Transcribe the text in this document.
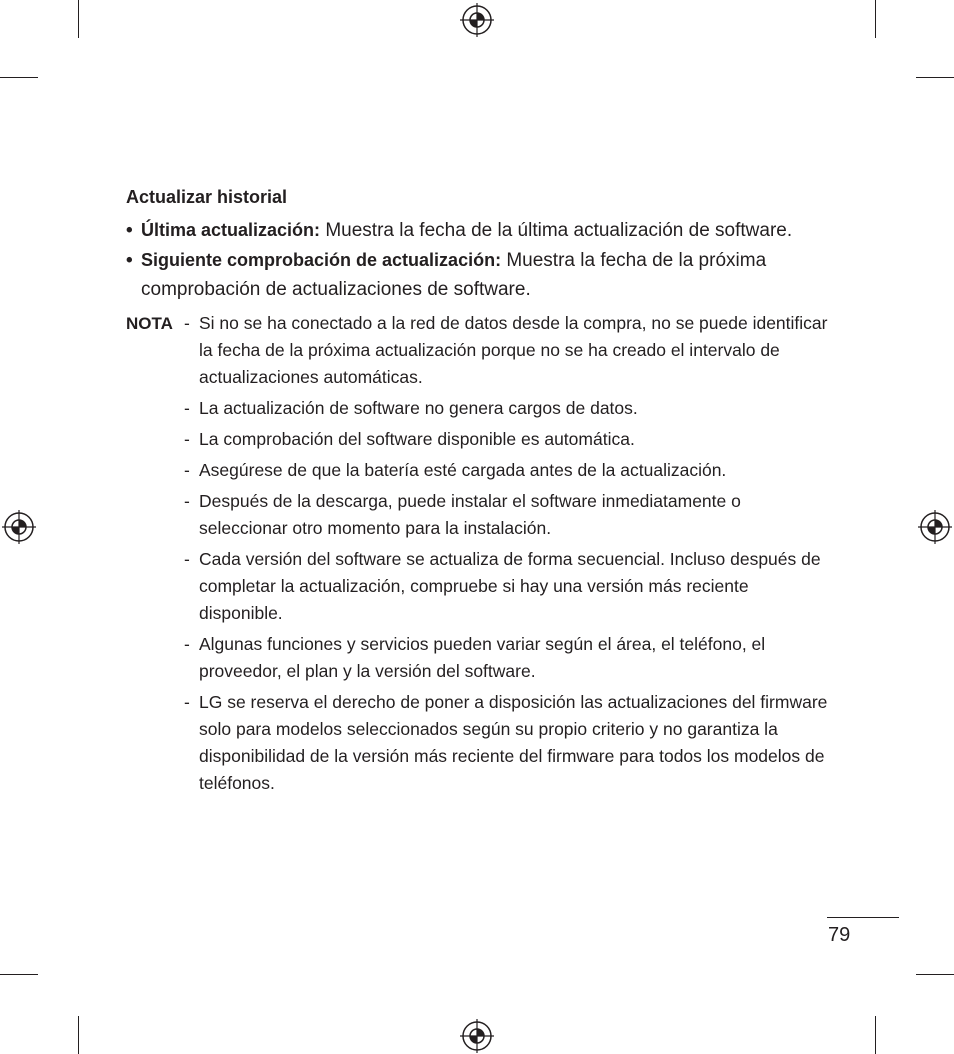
Actualizar historial
• Última actualización: Muestra la fecha de la última actualización de software.
• Siguiente comprobación de actualización: Muestra la fecha de la próxima comprobación de actualizaciones de software.
NOTA - Si no se ha conectado a la red de datos desde la compra, no se puede identificar la fecha de la próxima actualización porque no se ha creado el intervalo de actualizaciones automáticas.
- La actualización de software no genera cargos de datos.
- La comprobación del software disponible es automática.
- Asegúrese de que la batería esté cargada antes de la actualización.
- Después de la descarga, puede instalar el software inmediatamente o seleccionar otro momento para la instalación.
- Cada versión del software se actualiza de forma secuencial. Incluso después de completar la actualización, compruebe si hay una versión más reciente disponible.
- Algunas funciones y servicios pueden variar según el área, el teléfono, el proveedor, el plan y la versión del software.
- LG se reserva el derecho de poner a disposición las actualizaciones del firmware solo para modelos seleccionados según su propio criterio y no garantiza la disponibilidad de la versión más reciente del firmware para todos los modelos de teléfonos.
79
